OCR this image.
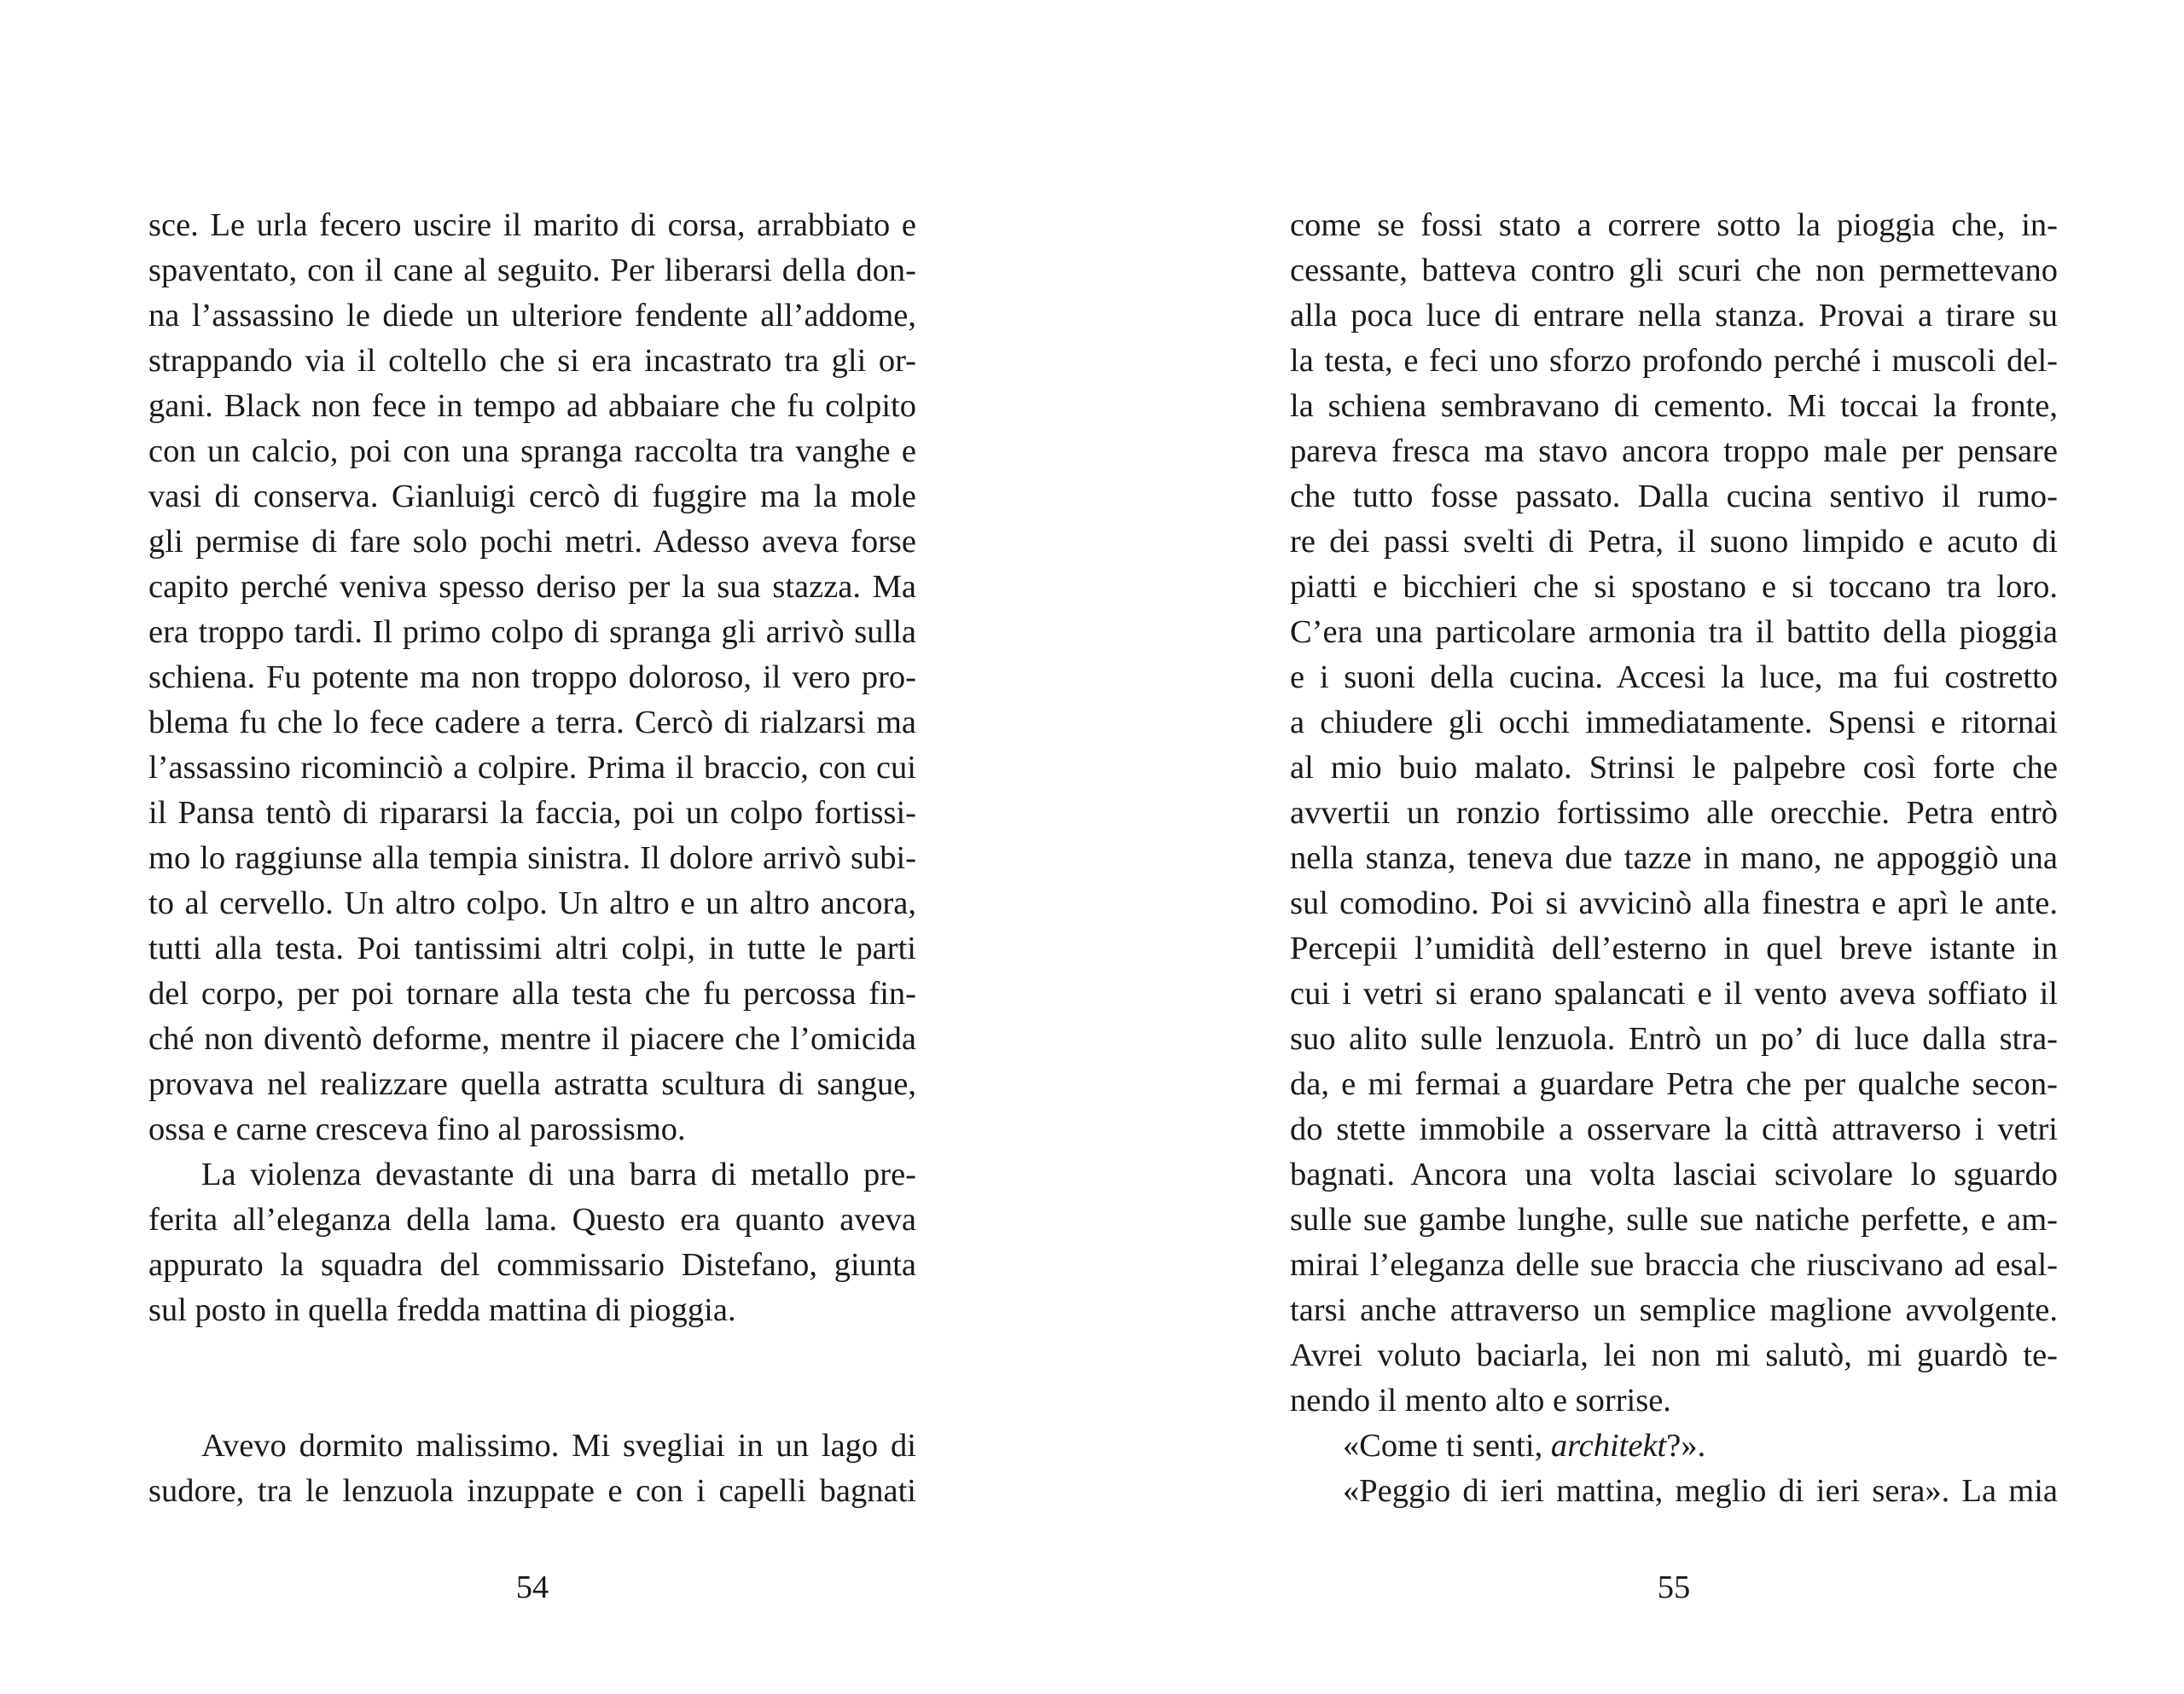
sce. Le urla fecero uscire il marito di corsa, arrabbiato e
spaventato, con il cane al seguito. Per liberarsi della don-
na l’assassino le diede un ulteriore fendente all’addome,
strappando via il coltello che si era incastrato tra gli or-
gani. Black non fece in tempo ad abbaiare che fu colpito
con un calcio, poi con una spranga raccolta tra vanghe e
vasi di conserva. Gianluigi cercò di fuggire ma la mole
gli permise di fare solo pochi metri. Adesso aveva forse
capito perché veniva spesso deriso per la sua stazza. Ma
era troppo tardi. Il primo colpo di spranga gli arrivò sulla
schiena. Fu potente ma non troppo doloroso, il vero pro-
blema fu che lo fece cadere a terra. Cercò di rialzarsi ma
l’assassino ricominciò a colpire. Prima il braccio, con cui
il Pansa tentò di ripararsi la faccia, poi un colpo fortissi-
mo lo raggiunse alla tempia sinistra. Il dolore arrivò subi-
to al cervello. Un altro colpo. Un altro e un altro ancora,
tutti alla testa. Poi tantissimi altri colpi, in tutte le parti
del corpo, per poi tornare alla testa che fu percossa fin-
ché non diventò deforme, mentre il piacere che l’omicida
provava nel realizzare quella astratta scultura di sangue,
ossa e carne cresceva fino al parossismo.
La violenza devastante di una barra di metallo pre-
ferita all’eleganza della lama. Questo era quanto aveva
appurato la squadra del commissario Distefano, giunta
sul posto in quella fredda mattina di pioggia.
Avevo dormito malissimo. Mi svegliai in un lago di
sudore, tra le lenzuola inzuppate e con i capelli bagnati
54
come se fossi stato a correre sotto la pioggia che, in-
cessante, batteva contro gli scuri che non permettevano
alla poca luce di entrare nella stanza. Provai a tirare su
la testa, e feci uno sforzo profondo perché i muscoli del-
la schiena sembravano di cemento. Mi toccai la fronte,
pareva fresca ma stavo ancora troppo male per pensare
che tutto fosse passato. Dalla cucina sentivo il rumo-
re dei passi svelti di Petra, il suono limpido e acuto di
piatti e bicchieri che si spostano e si toccano tra loro.
C’era una particolare armonia tra il battito della pioggia
e i suoni della cucina. Accesi la luce, ma fui costretto
a chiudere gli occhi immediatamente. Spensi e ritornai
al mio buio malato. Strinsi le palpebre così forte che
avvertii un ronzio fortissimo alle orecchie. Petra entrò
nella stanza, teneva due tazze in mano, ne appoggiò una
sul comodino. Poi si avvicinò alla finestra e aprì le ante.
Percepii l’umidità dell’esterno in quel breve istante in
cui i vetri si erano spalancati e il vento aveva soffiato il
suo alito sulle lenzuola. Entrò un po’ di luce dalla stra-
da, e mi fermai a guardare Petra che per qualche secon-
do stette immobile a osservare la città attraverso i vetri
bagnati. Ancora una volta lasciai scivolare lo sguardo
sulle sue gambe lunghe, sulle sue natiche perfette, e am-
mirai l’eleganza delle sue braccia che riuscivano ad esal-
tarsi anche attraverso un semplice maglione avvolgente.
Avrei voluto baciarla, lei non mi salutò, mi guardò te-
nendo il mento alto e sorrise.
«Come ti senti, architekt?».
«Peggio di ieri mattina, meglio di ieri sera». La mia
55
